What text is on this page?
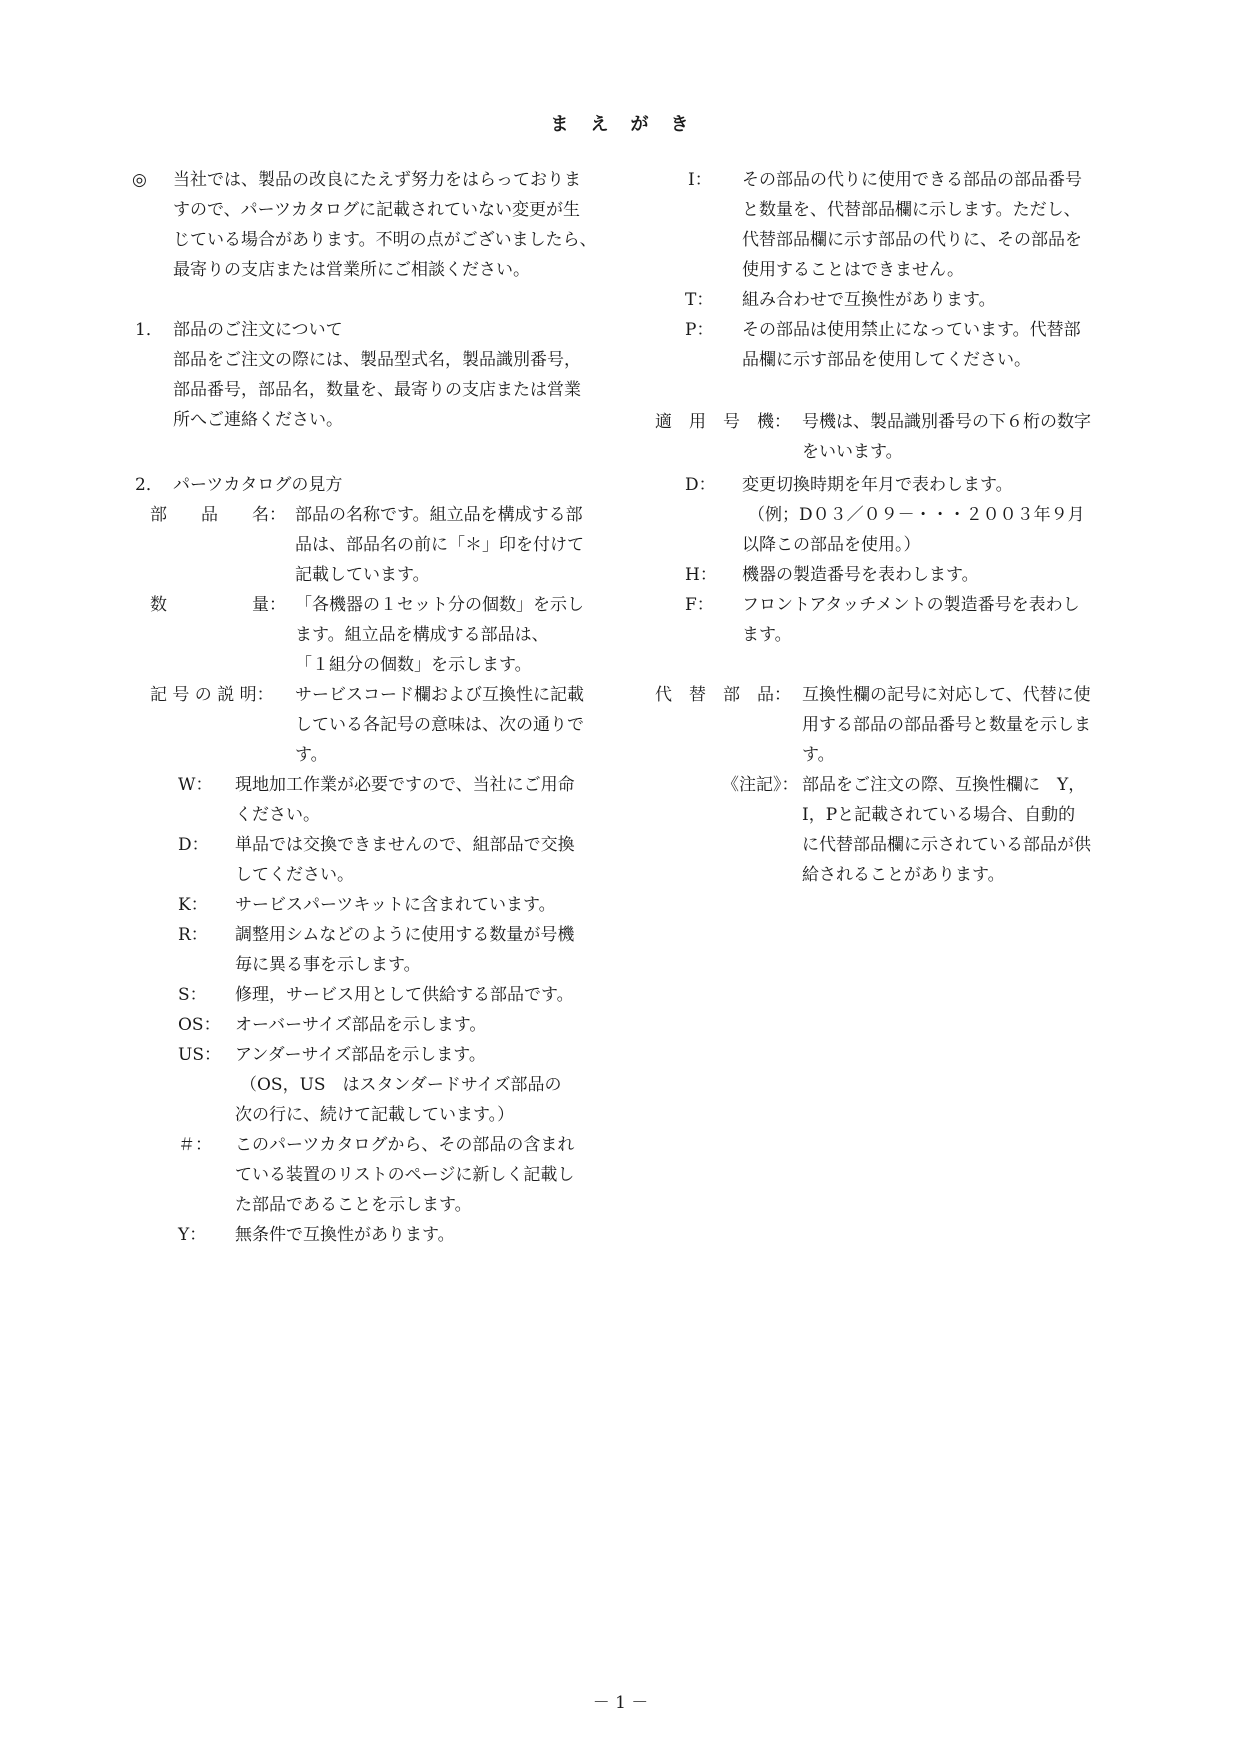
ま　え　が　き
◎ 当社では、製品の改良にたえず努力をはらっておりま
すので、パーツカタログに記載されていない変更が生
じている場合があります。不明の点がございましたら、
最寄りの支店または営業所にご相談ください。
1． 部品のご注文について
部品をご注文の際には、製品型式名，製品識別番号，
部品番号，部品名，数量を、最寄りの支店または営業
所へご連絡ください。
2． パーツカタログの見方
部　　品　　名： 部品の名称です。組立品を構成する部
品は、部品名の前に「＊」印を付けて
記載しています。
数　　　　　量： 「各機器の１セット分の個数」を示し
ます。組立品を構成する部品は、
「１組分の個数」を示します。
記 号 の 説 明： サービスコード欄および互換性に記載
している各記号の意味は、次の通りで
す。
W： 現地加工作業が必要ですので、当社にご用命
ください。
D： 単品では交換できませんので、組部品で交換
してください。
K： サービスパーツキットに含まれています。
R： 調整用シムなどのように使用する数量が号機
毎に異る事を示します。
S： 修理，サービス用として供給する部品です。
OS： オーバーサイズ部品を示します。
US： アンダーサイズ部品を示します。
（OS，US　はスタンダードサイズ部品の
次の行に、続けて記載しています。）
＃： このパーツカタログから、その部品の含まれ
ている装置のリストのページに新しく記載し
た部品であることを示します。
Y： 無条件で互換性があります。
I： その部品の代りに使用できる部品の部品番号
と数量を、代替部品欄に示します。ただし、
代替部品欄に示す部品の代りに、その部品を
使用することはできません。
T： 組み合わせで互換性があります。
P： その部品は使用禁止になっています。代替部
品欄に示す部品を使用してください。
適　用　号　機： 号機は、製品識別番号の下６桁の数字
をいいます。
D： 変更切換時期を年月で表わします。
（例；D０３／０９－・・・２００３年９月
以降この部品を使用。）
H： 機器の製造番号を表わします。
F： フロントアタッチメントの製造番号を表わし
ます。
代　替　部　品： 互換性欄の記号に対応して、代替に使
用する部品の部品番号と数量を示しま
す。
《注記》： 部品をご注文の際、互換性欄に　Y，
I，Pと記載されている場合、自動的
に代替部品欄に示されている部品が供
給されることがあります。
－ 1 －
